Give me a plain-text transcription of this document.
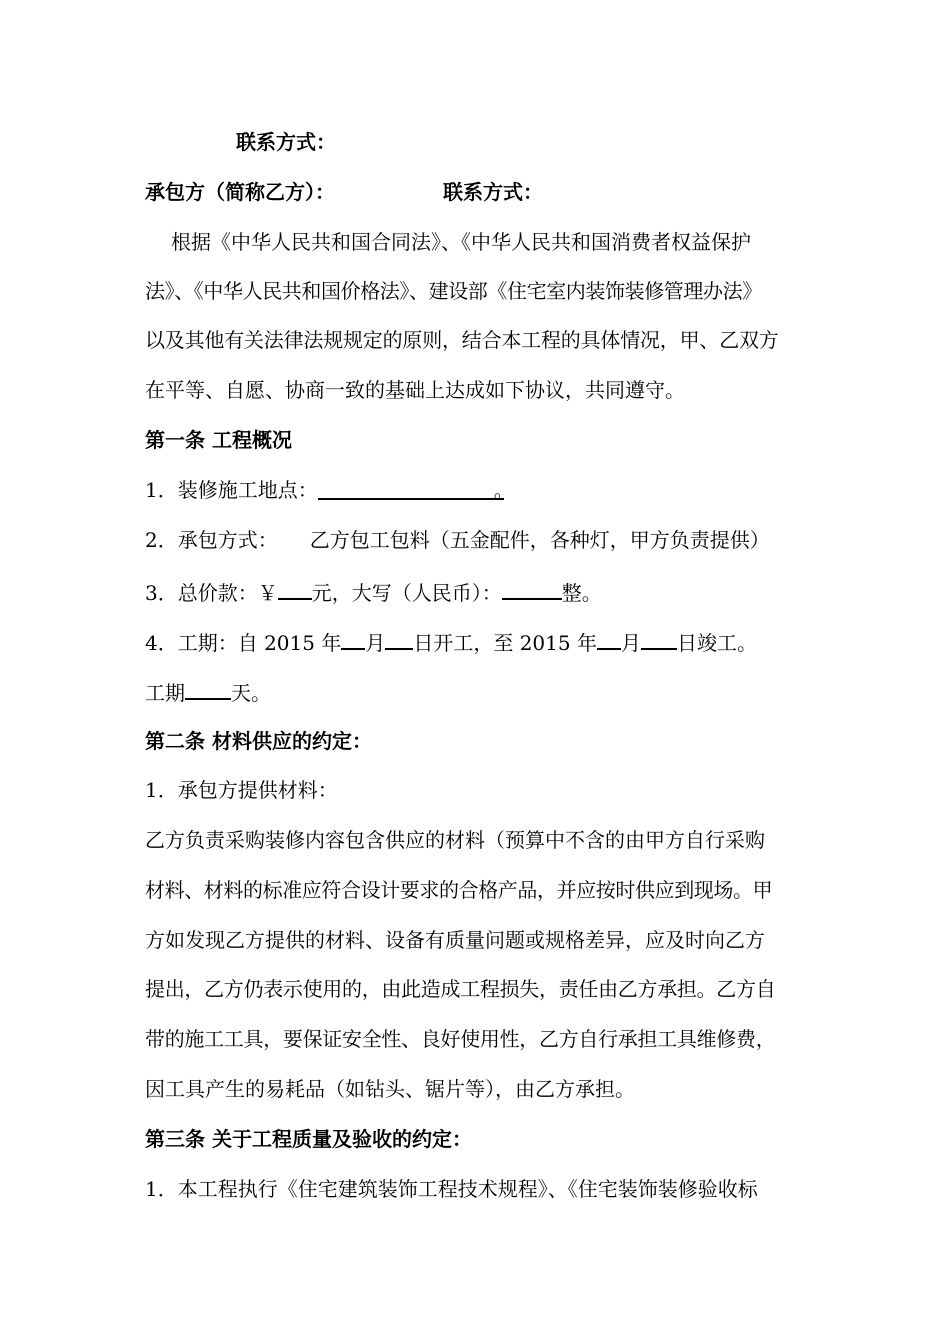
联系方式：
承包方（简称乙方）：	联系方式：
根据《中华人民共和国合同法》、《中华人民共和国消费者权益保护
法》、《中华人民共和国价格法》、建设部《住宅室内装饰装修管理办法》
以及其他有关法律法规规定的原则，结合本工程的具体情况，甲、乙双方
在平等、自愿、协商一致的基础上达成如下协议，共同遵守。
第一条 工程概况
1．装修施工地点：	。
2．承包方式： 乙方包工包料（五金配件，各种灯，甲方负责提供）
3．总价款：￥ 元，大写（人民币）：	整。
4．工期：自 2015 年 月 日开工，至 2015 年 月 日竣工。
工期 天。
第二条 材料供应的约定：
1．承包方提供材料：
乙方负责采购装修内容包含供应的材料（预算中不含的由甲方自行采购
材料、材料的标准应符合设计要求的合格产品，并应按时供应到现场。甲
方如发现乙方提供的材料、设备有质量问题或规格差异，应及时向乙方
提出，乙方仍表示使用的，由此造成工程损失，责任由乙方承担。乙方自
带的施工工具，要保证安全性、良好使用性，乙方自行承担工具维修费，
因工具产生的易耗品（如钻头、锯片等），由乙方承担。
第三条 关于工程质量及验收的约定：
1．本工程执行《住宅建筑装饰工程技术规程》、《住宅装饰装修验收标
